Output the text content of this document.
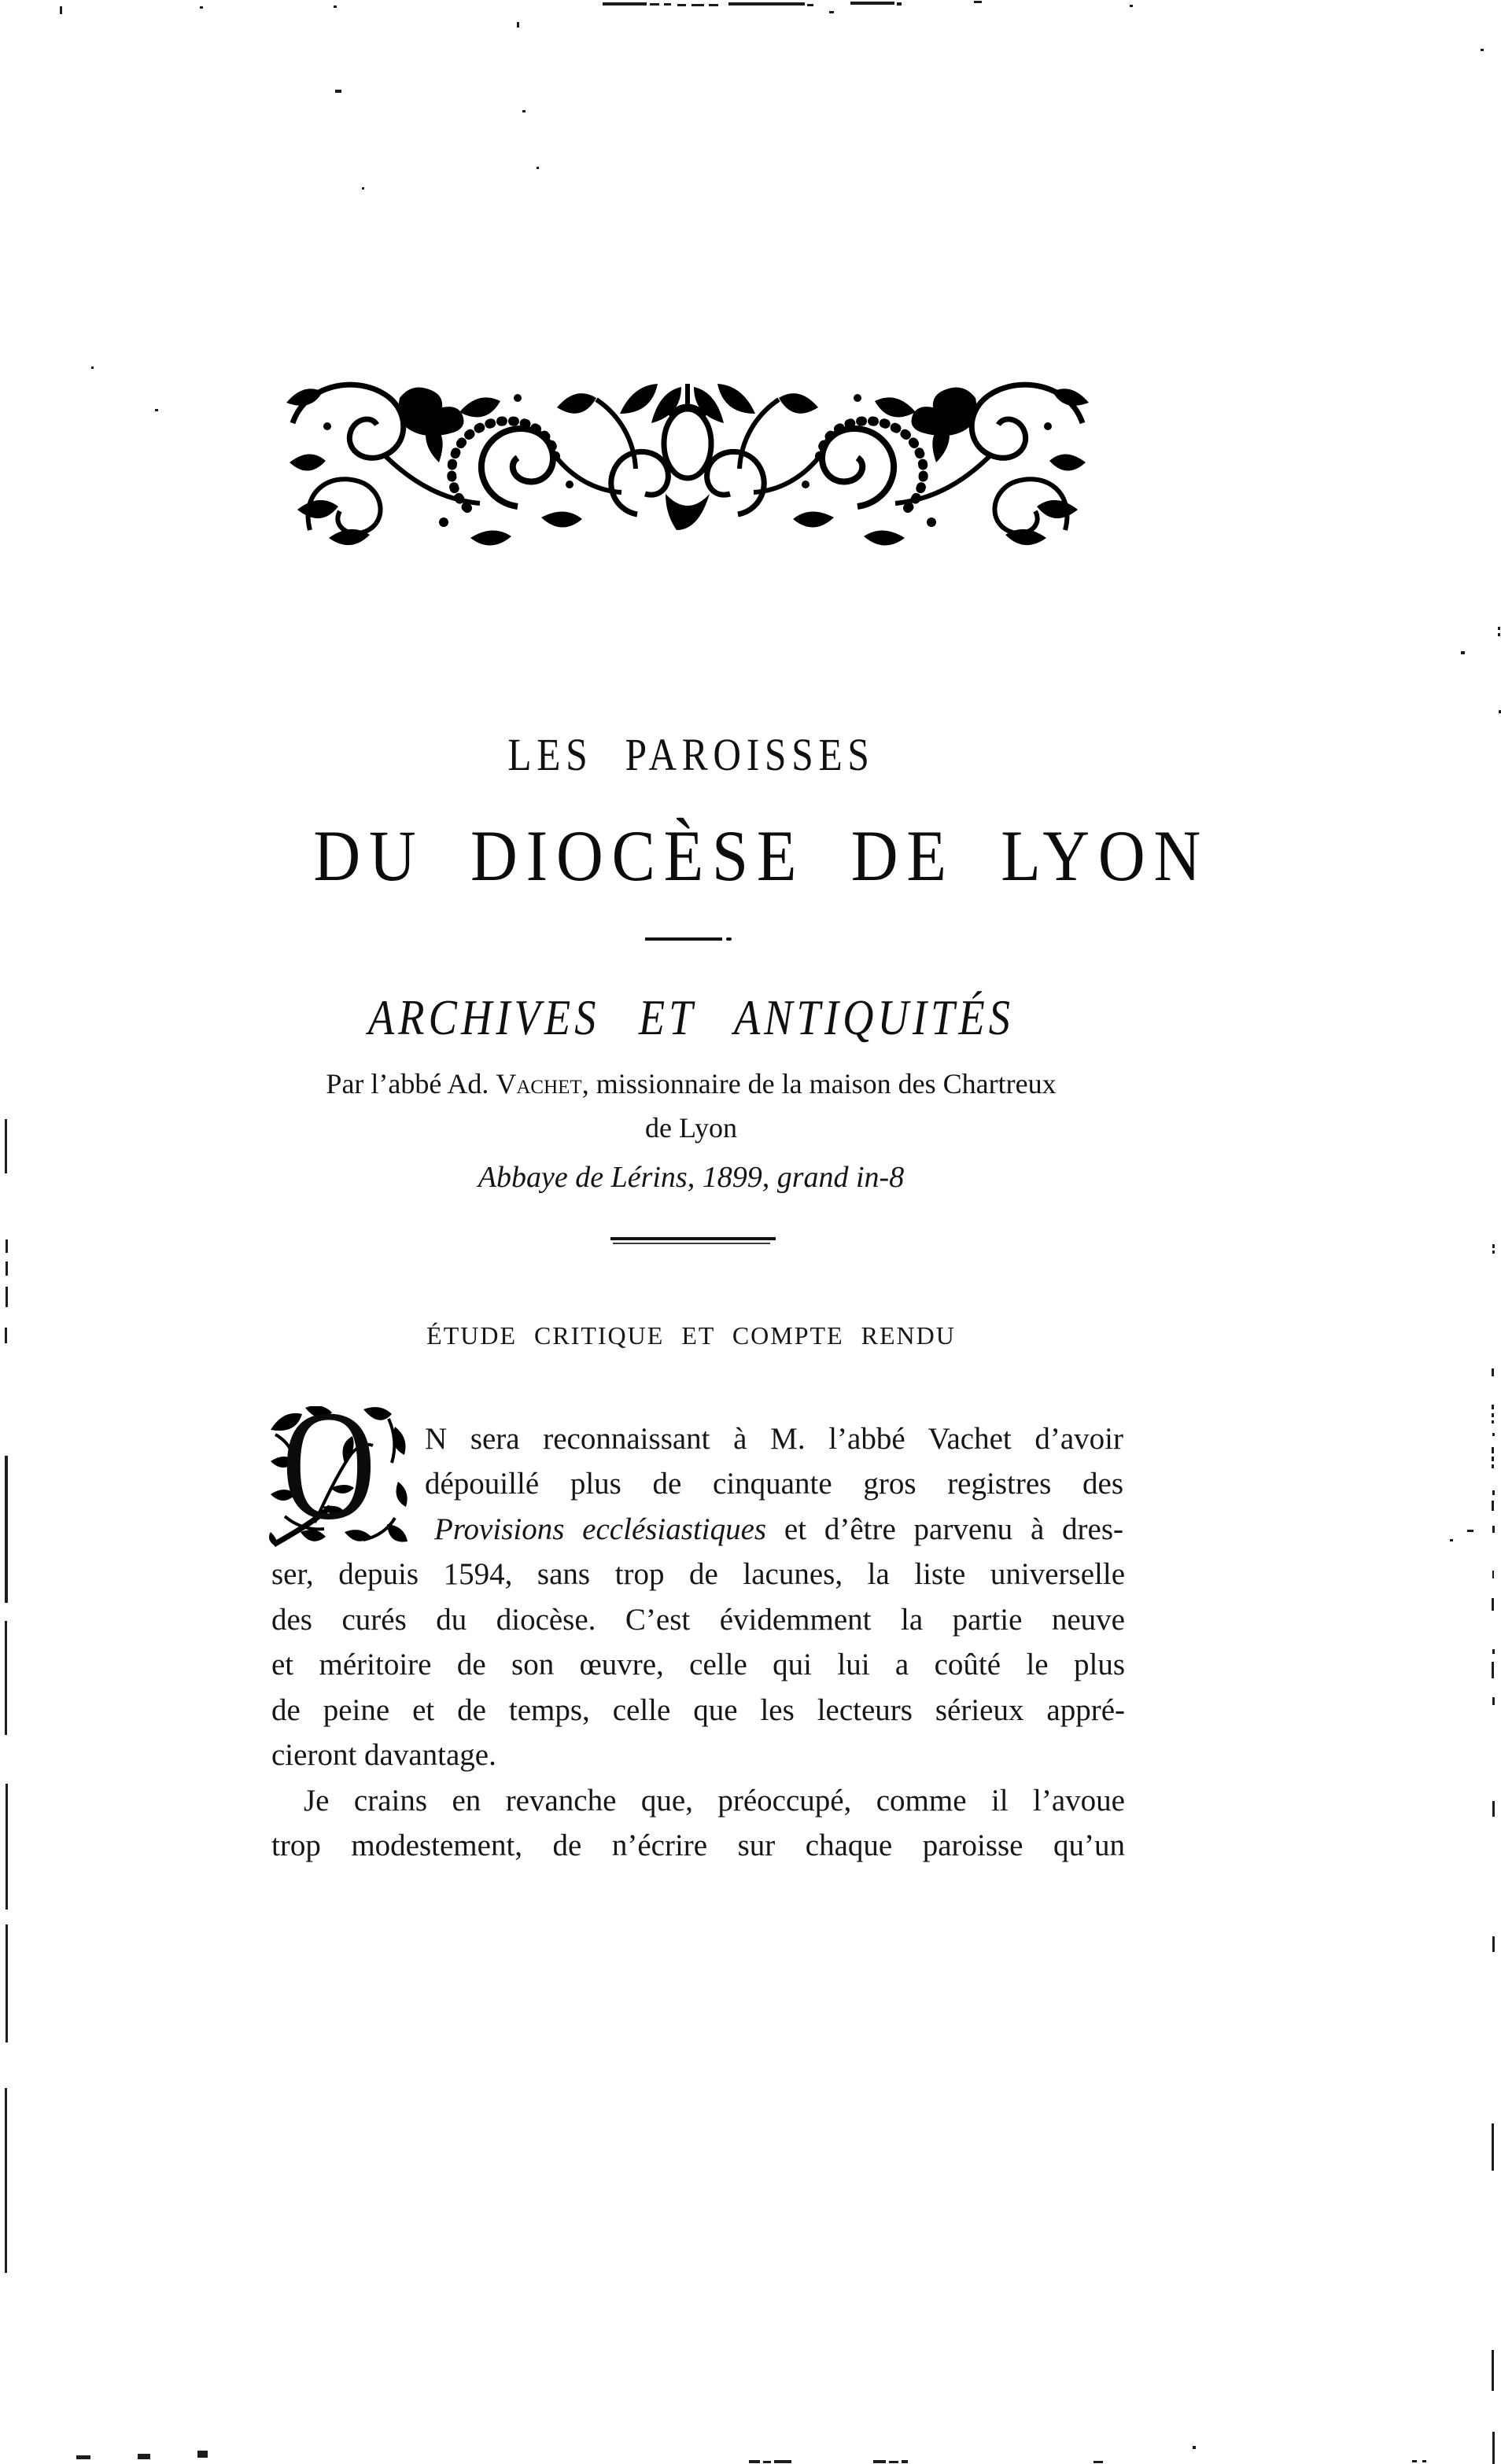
LES PAROISSES
DU DIOCÈSE DE LYON
ARCHIVES ET ANTIQUITÉS
Par l’abbé Ad. Vachet, missionnaire de la maison des Chartreux
de Lyon
Abbaye de Lérins, 1899, grand in-8
ÉTUDE CRITIQUE ET COMPTE RENDU
O N sera reconnaissant à M. l’abbé Vachet d’avoir
dépouillé plus de cinquante gros registres des
Provisions ecclésiastiques et d’être parvenu à dres-
ser, depuis 1594, sans trop de lacunes, la liste universelle
des curés du diocèse. C’est évidemment la partie neuve
et méritoire de son œuvre, celle qui lui a coûté le plus
de peine et de temps, celle que les lecteurs sérieux appré-
cieront davantage.
Je crains en revanche que, préoccupé, comme il l’avoue
trop modestement, de n’écrire sur chaque paroisse qu’un
